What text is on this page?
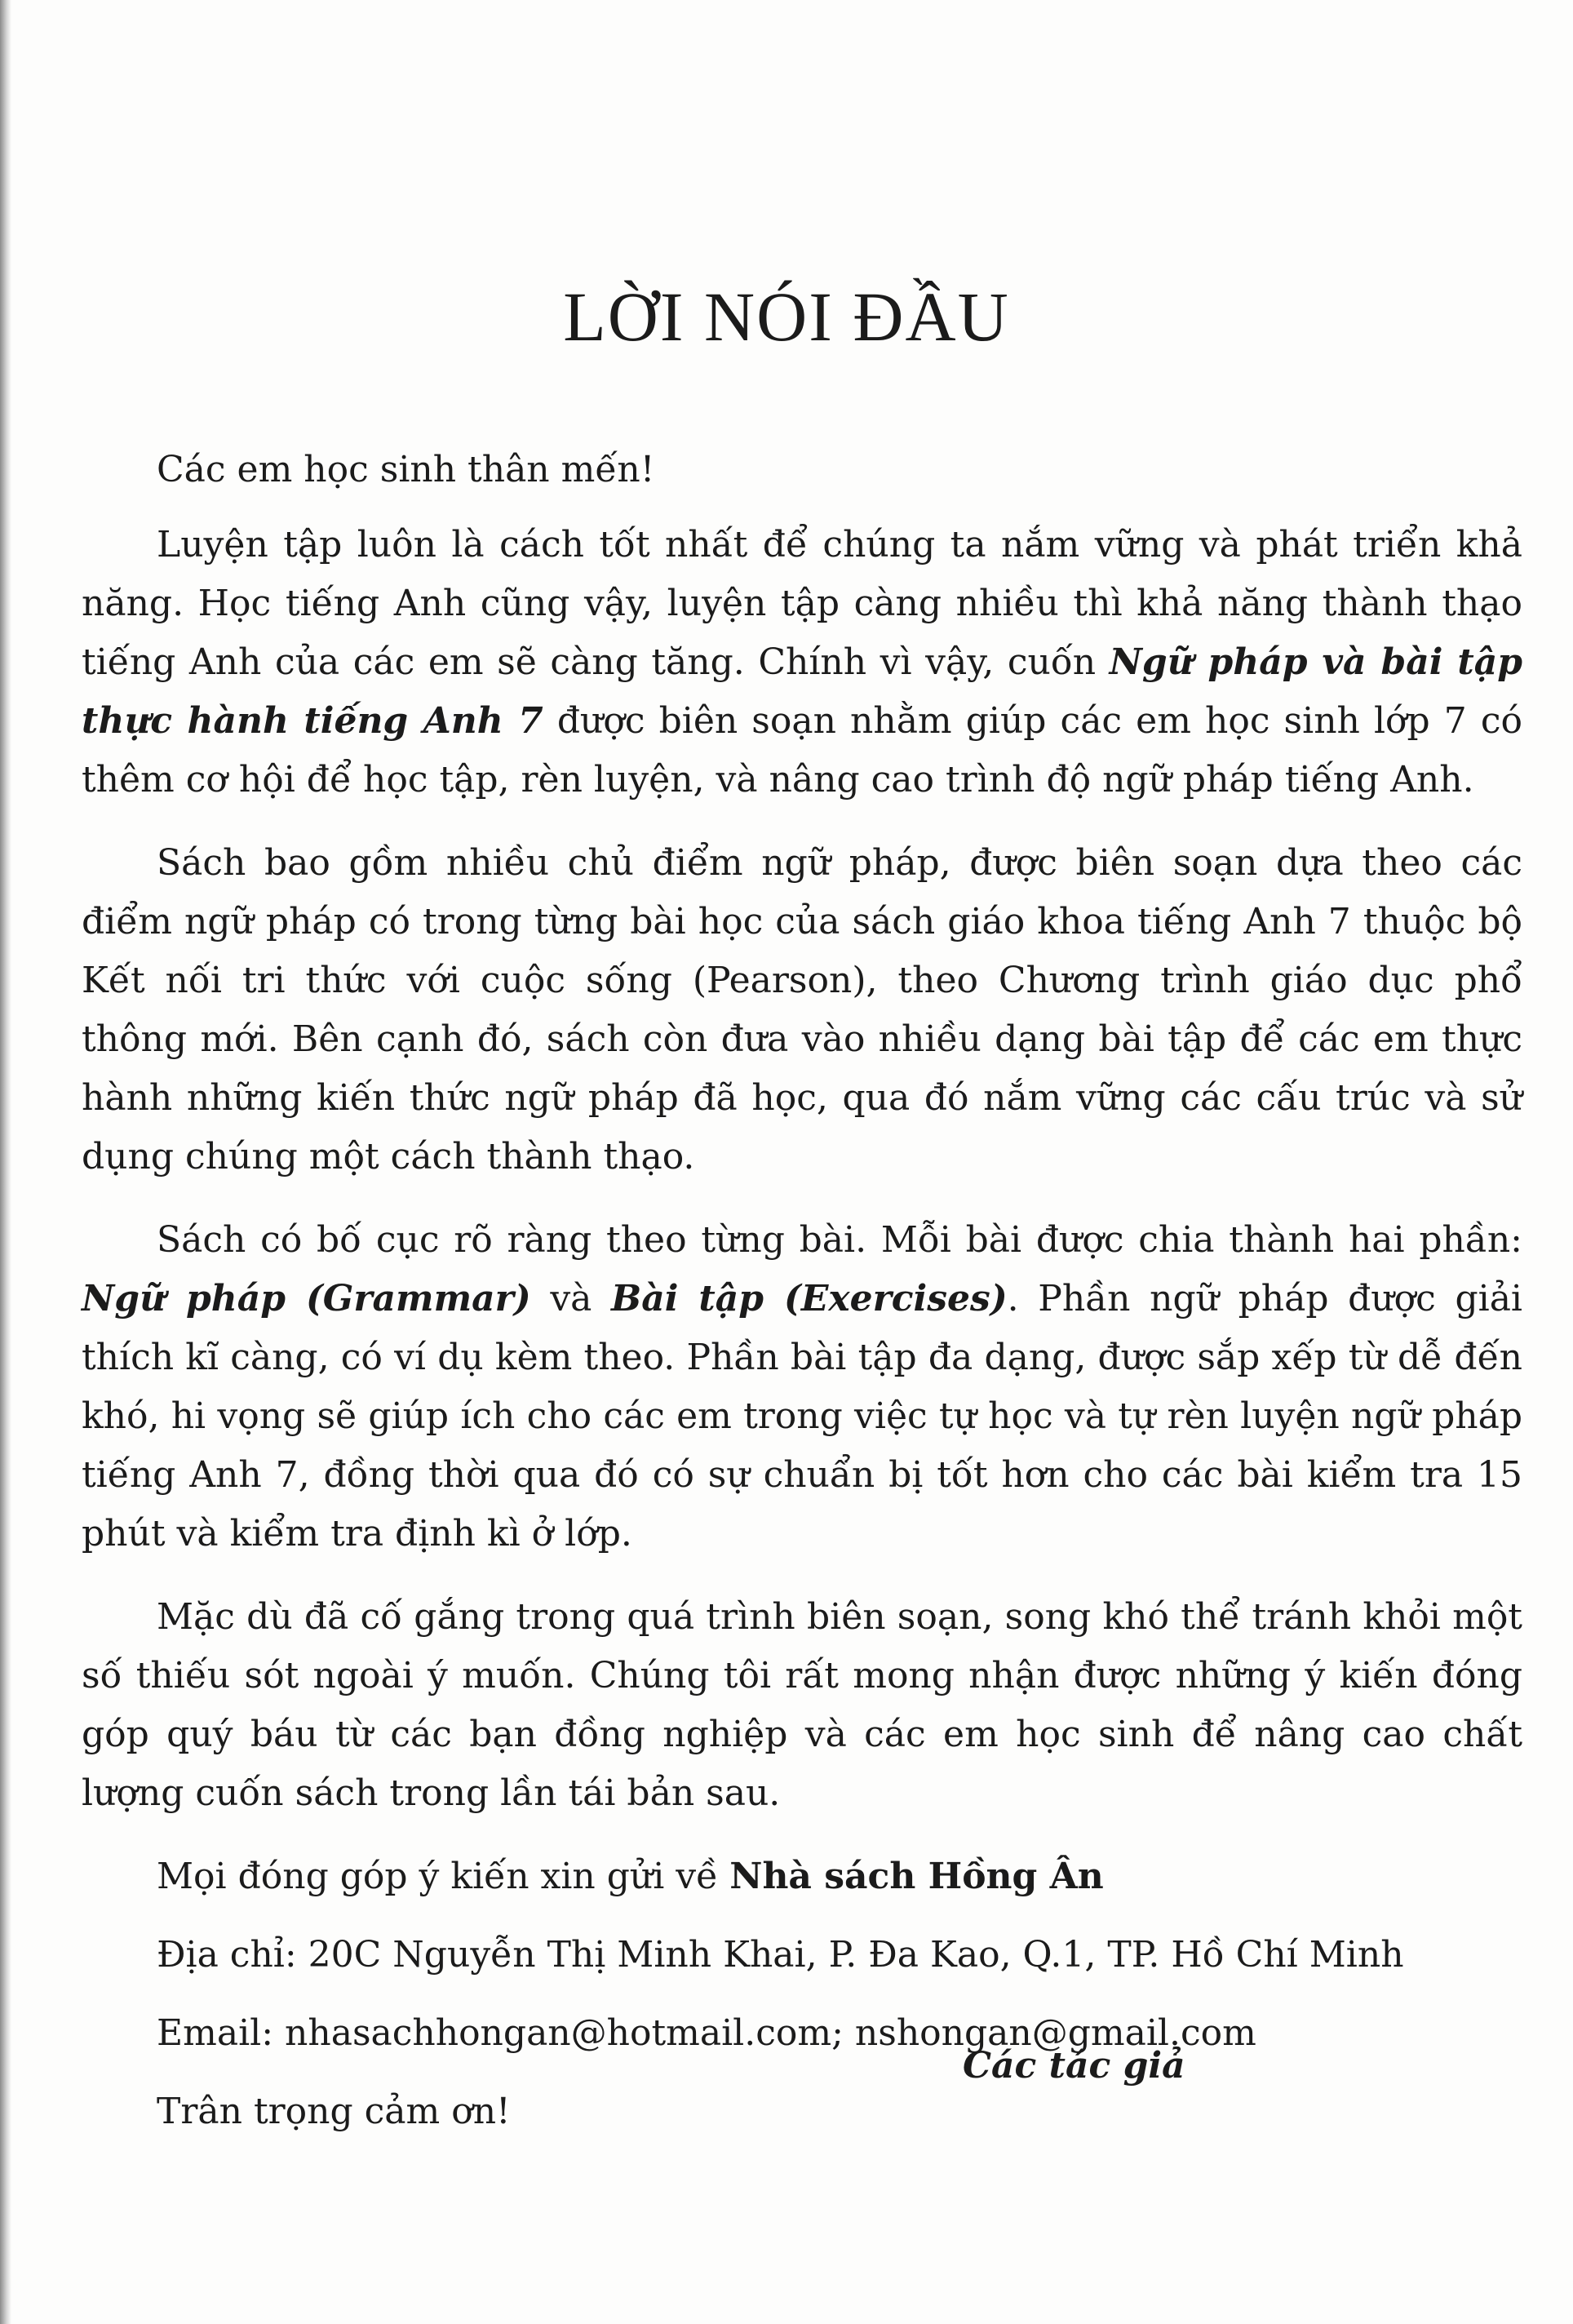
LỜI NÓI ĐẦU

Các em học sinh thân mến!

Luyện tập luôn là cách tốt nhất để chúng ta nắm vững và phát triển khả năng. Học tiếng Anh cũng vậy, luyện tập càng nhiều thì khả năng thành thạo tiếng Anh của các em sẽ càng tăng. Chính vì vậy, cuốn Ngữ pháp và bài tập thực hành tiếng Anh 7 được biên soạn nhằm giúp các em học sinh lớp 7 có thêm cơ hội để học tập, rèn luyện, và nâng cao trình độ ngữ pháp tiếng Anh.

Sách bao gồm nhiều chủ điểm ngữ pháp, được biên soạn dựa theo các điểm ngữ pháp có trong từng bài học của sách giáo khoa tiếng Anh 7 thuộc bộ Kết nối tri thức với cuộc sống (Pearson), theo Chương trình giáo dục phổ thông mới. Bên cạnh đó, sách còn đưa vào nhiều dạng bài tập để các em thực hành những kiến thức ngữ pháp đã học, qua đó nắm vững các cấu trúc và sử dụng chúng một cách thành thạo.

Sách có bố cục rõ ràng theo từng bài. Mỗi bài được chia thành hai phần: Ngữ pháp (Grammar) và Bài tập (Exercises). Phần ngữ pháp được giải thích kĩ càng, có ví dụ kèm theo. Phần bài tập đa dạng, được sắp xếp từ dễ đến khó, hi vọng sẽ giúp ích cho các em trong việc tự học và tự rèn luyện ngữ pháp tiếng Anh 7, đồng thời qua đó có sự chuẩn bị tốt hơn cho các bài kiểm tra 15 phút và kiểm tra định kì ở lớp.

Mặc dù đã cố gắng trong quá trình biên soạn, song khó thể tránh khỏi một số thiếu sót ngoài ý muốn. Chúng tôi rất mong nhận được những ý kiến đóng góp quý báu từ các bạn đồng nghiệp và các em học sinh để nâng cao chất lượng cuốn sách trong lần tái bản sau.

Mọi đóng góp ý kiến xin gửi về Nhà sách Hồng Ân

Địa chỉ: 20C Nguyễn Thị Minh Khai, P. Đa Kao, Q.1, TP. Hồ Chí Minh

Email: nhasachhongan@hotmail.com; nshongan@gmail.com

Trân trọng cảm ơn!

Các tác giả
